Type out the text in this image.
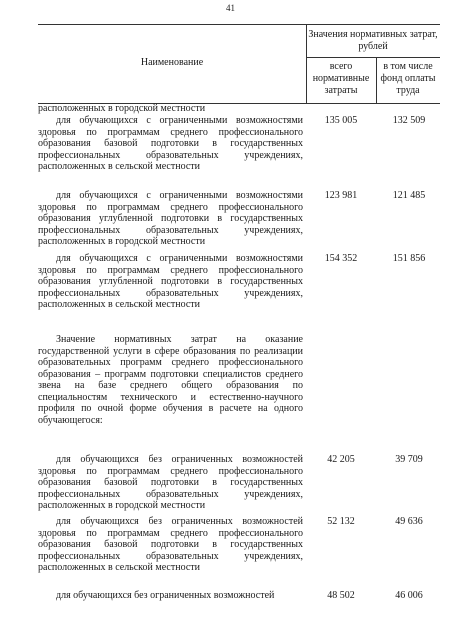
41
Наименование
Значения нормативных затрат, рублей
всего нормативные затраты
в том числе фонд оплаты труда
расположенных в городской местности
для обучающихся с ограниченными возможностями здоровья по программам среднего профессионального образования базовой подготовки в государственных профессиональных образовательных учреждениях, расположенных в сельской местности
135 005	132 509
для обучающихся с ограниченными возможностями здоровья по программам среднего профессионального образования углубленной подготовки в государственных профессиональных образовательных учреждениях, расположенных в городской местности
123 981	121 485
для обучающихся с ограниченными возможностями здоровья по программам среднего профессионального образования углубленной подготовки в государственных профессиональных образовательных учреждениях, расположенных в сельской местности
154 352	151 856
Значение нормативных затрат на оказание государственной услуги в сфере образования по реализации образовательных программ среднего профессионального образования – программ подготовки специалистов среднего звена на базе среднего общего образования по специальностям технического и естественно-научного профиля по очной форме обучения в расчете на одного обучающегося:
для обучающихся без ограниченных возможностей здоровья по программам среднего профессионального образования базовой подготовки в государственных профессиональных образовательных учреждениях, расположенных в городской местности
42 205	39 709
для обучающихся без ограниченных возможностей здоровья по программам среднего профессионального образования базовой подготовки в государственных профессиональных образовательных учреждениях, расположенных в сельской местности
52 132	49 636
для обучающихся без ограниченных возможностей	48 502	46 006
